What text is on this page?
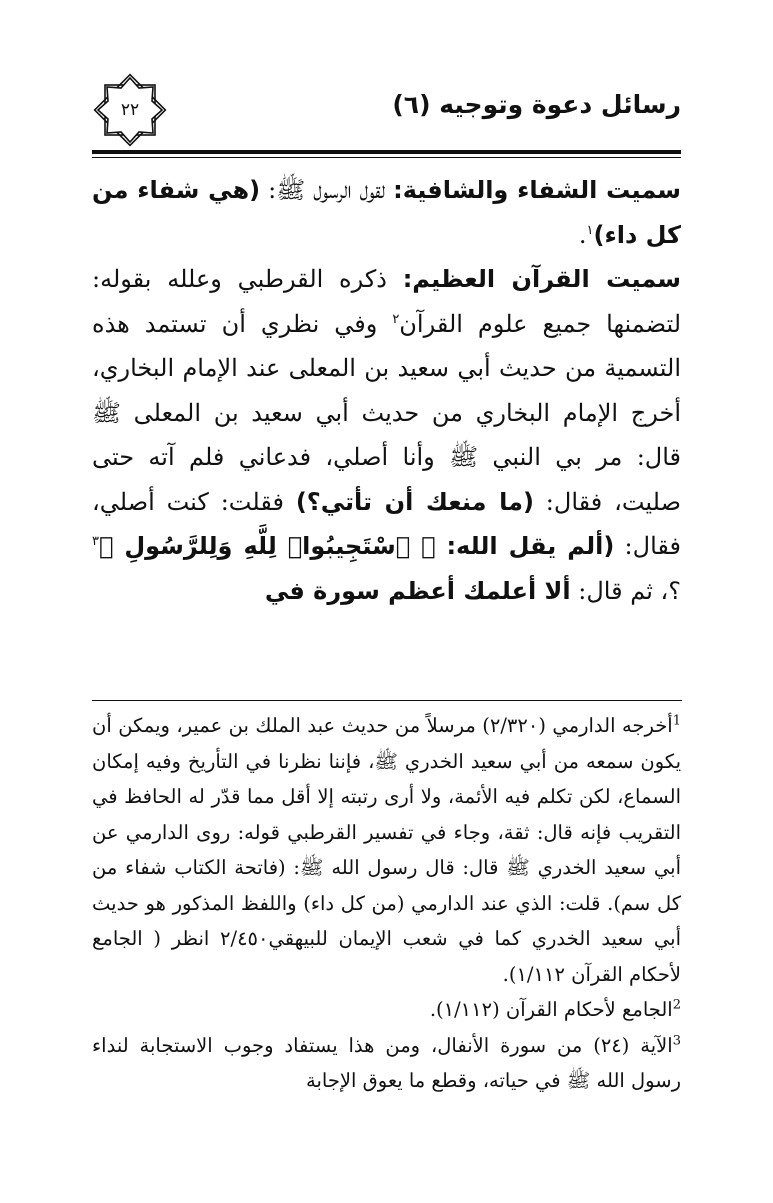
رسائل دعوة وتوجيه (٦)
٢٢

سميت الشفاء والشافية: لقول الرسول ﷺ: (هي شفاء من كل داء)$^١$.

سميت القرآن العظيم: ذكره القرطبي وعلله بقوله: لتضمنها جميع علوم القرآن$^٢$ وفي نظري أن تستمد هذه التسمية من حديث أبي سعيد بن المعلى عند الإمام البخاري، أخرج الإمام البخاري من حديث أبي سعيد بن المعلى ﷺ قال: مر بي النبي ﷺ وأنا أصلي، فدعاني فلم آته حتى صليت، فقال: (ما منعك أن تأتي؟) فقلت: كنت أصلي، فقال: (ألم يقل الله: ﴿ ٱسْتَجِيبُوا۟ لِلَّهِ وَلِلرَّسُولِ ﴾$^٣$ ؟، ثم قال: ألا أعلمك أعظم سورة في

$^1$أخرجه الدارمي (٢/٣٢٠) مرسلاً من حديث عبد الملك بن عمير، ويمكن أن يكون سمعه من أبي سعيد الخدري ﷺ، فإننا نظرنا في التأريخ وفيه إمكان السماع، لكن تكلم فيه الأئمة، ولا أرى رتبته إلا أقل مما قدّر له الحافظ في التقريب فإنه قال: ثقة، وجاء في تفسير القرطبي قوله: روى الدارمي عن أبي سعيد الخدري ﷺ قال: قال رسول الله ﷺ: (فاتحة الكتاب شفاء من كل سم). قلت: الذي عند الدارمي (من كل داء) واللفظ المذكور هو حديث أبي سعيد الخدري كما في شعب الإيمان للبيهقي٢/٤٥٠ انظر ( الجامع لأحكام القرآن ١/١١٢).

$^2$الجامع لأحكام القرآن (١/١١٢).

$^3$الآية (٢٤) من سورة الأنفال، ومن هذا يستفاد وجوب الاستجابة لنداء رسول الله ﷺ في حياته، وقطع ما يعوق الإجابة
